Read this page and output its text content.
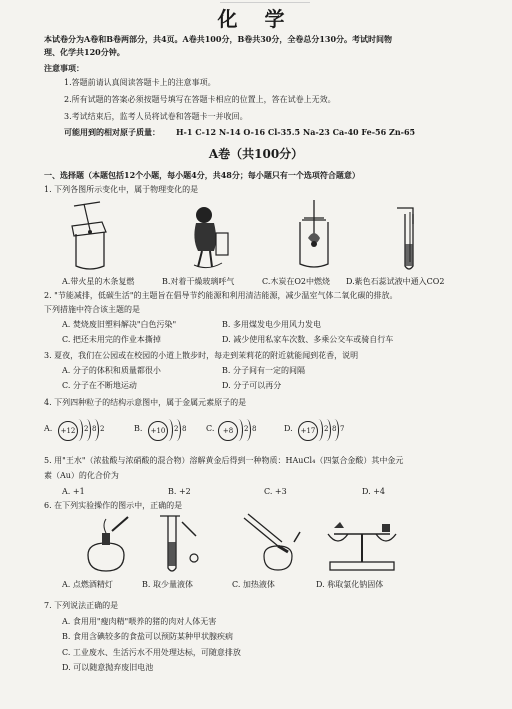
化 学
本试卷分为A卷和B卷两部分，共4页。A卷共100分，B卷共30分，全卷总分130分。考试时间物
理、化学共120分钟。
注意事项：
1.答题前请认真阅读答题卡上的注意事项。
2.所有试题的答案必须按题号填写在答题卡相应的位置上，答在试卷上无效。
3.考试结束后，监考人员将试卷和答题卡一并收回。
可能用到的相对原子质量： H-1 C-12 N-14 O-16 Cl-35.5 Na-23 Ca-40 Fe-56 Zn-65
A卷（共100分）
一、选择题（本题包括12个小题，每小题4分，共48分；每小题只有一个选项符合题意）
1. 下列各图所示变化中，属于物理变化的是
A.带火星的木条复燃	B.对着干燥玻璃呼气	C.木炭在O2中燃烧 D.紫色石蕊试液中通入CO2
2. "节能减排，低碳生活"的主题旨在倡导节约能源和利用清洁能源，减少温室气体二氧化碳的排放。
下列措施中符合该主题的是
A. 焚烧废旧塑料解决"白色污染"	B. 多用煤发电少用风力发电
C. 把还未用完的作业本撕掉	D. 减少使用私家车次数、多乘公交车或骑自行车
3. 夏夜，我们在公园或在校园的小道上散步时，每走到茉莉花的附近就能闻到花香，说明
A. 分子的体积和质量都很小	B. 分子间有一定的间隔
C. 分子在不断地运动	D. 分子可以再分
4. 下列四种粒子的结构示意图中，属于金属元素原子的是
A.	+12	2 8 2	B.	+10	2 8 C.	+8	2 8	D.	+17	2 8 7
5. 用"王水"（浓盐酸与浓硝酸的混合物）溶解黄金后得到一种物质：HAuCl₄（四氯合金酸）其中金元
素（Au）的化合价为
A. +1	B. +2	C. +3	D. +4
6. 在下列实验操作的图示中，正确的是
A. 点燃酒精灯	B. 取少量液体	C. 加热液体	D. 称取氯化钠固体
7. 下列说法正确的是
A. 食用用"瘦肉精"喂养的猪的肉对人体无害
B. 食用含碘较多的食盐可以预防某种甲状腺疾病
C. 工业废水、生活污水不用处理达标，可随意排放
D. 可以随意抛弃废旧电池
